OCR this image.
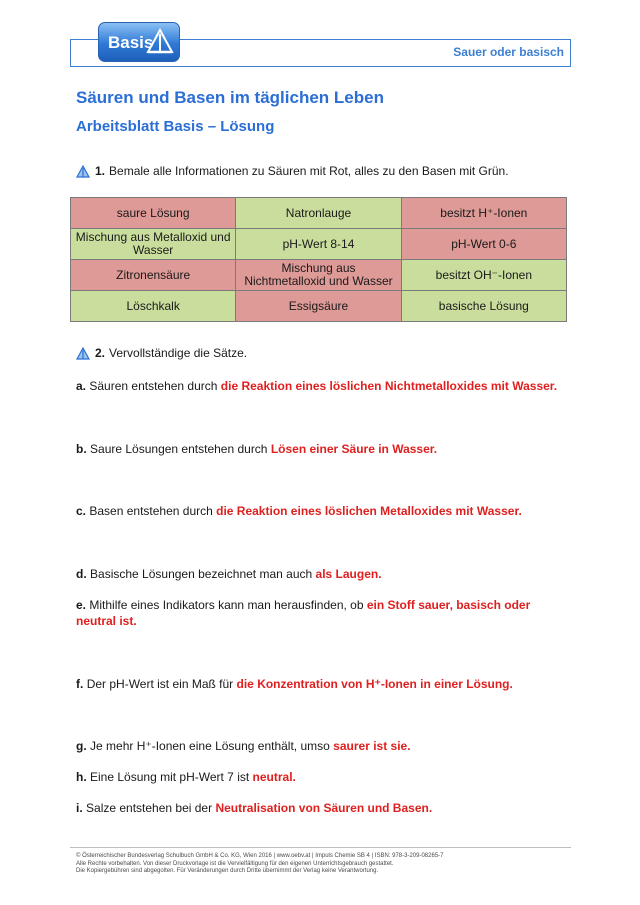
Basis	Sauer oder basisch
Säuren und Basen im täglichen Leben
Arbeitsblatt Basis – Lösung
1. Bemale alle Informationen zu Säuren mit Rot, alles zu den Basen mit Grün.
saure Lösung	Natronlauge	besitzt H⁺-Ionen
Mischung aus Metalloxid und Wasser	pH-Wert 8-14	pH-Wert 0-6
Zitronensäure	Mischung aus Nichtmetalloxid und Wasser	besitzt OH⁻-Ionen
Löschkalk	Essigsäure	basische Lösung
2. Vervollständige die Sätze.
a. Säuren entstehen durch die Reaktion eines löslichen Nichtmetalloxides mit Wasser.
b. Saure Lösungen entstehen durch Lösen einer Säure in Wasser.
c. Basen entstehen durch die Reaktion eines löslichen Metalloxides mit Wasser.
d. Basische Lösungen bezeichnet man auch als Laugen.
e. Mithilfe eines Indikators kann man herausfinden, ob ein Stoff sauer, basisch oder neutral ist.
f. Der pH-Wert ist ein Maß für die Konzentration von H⁺-Ionen in einer Lösung.
g. Je mehr H⁺-Ionen eine Lösung enthält, umso saurer ist sie.
h. Eine Lösung mit pH-Wert 7 ist neutral.
i. Salze entstehen bei der Neutralisation von Säuren und Basen.
© Österreichischer Bundesverlag Schulbuch GmbH & Co. KG, Wien 2016 | www.oebv.at | Impuls Chemie SB 4 | ISBN: 978-3-209-08265-7
Alle Rechte vorbehalten. Von dieser Druckvorlage ist die Vervielfältigung für den eigenen Unterrichtsgebrauch gestattet.
Die Kopiergebühren sind abgegolten. Für Veränderungen durch Dritte übernimmt der Verlag keine Verantwortung.
